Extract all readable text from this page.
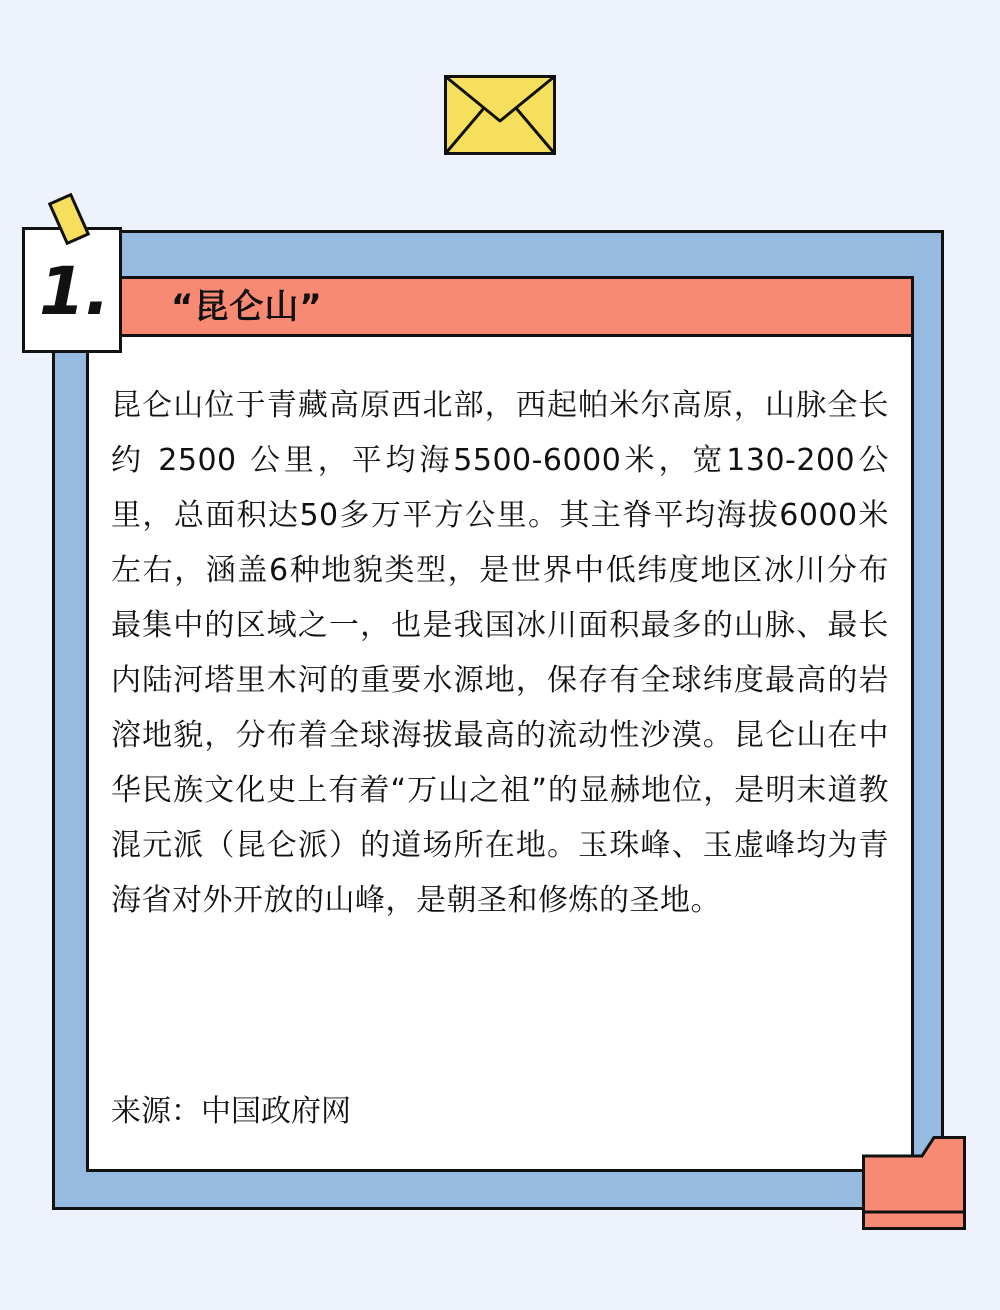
“昆仑山”
昆仑山位于青藏高原西北部，西起帕米尔高原，山脉全长约 2500 公里，平均海5500-6000米，宽130-200公里，总面积达50多万平方公里。其主脊平均海拔6000米左右，涵盖6种地貌类型，是世界中低纬度地区冰川分布最集中的区域之一，也是我国冰川面积最多的山脉、最长内陆河塔里木河的重要水源地，保存有全球纬度最高的岩溶地貌，分布着全球海拔最高的流动性沙漠。昆仑山在中华民族文化史上有着“万山之祖”的显赫地位，是明末道教混元派（昆仑派）的道场所在地。玉珠峰、玉虚峰均为青海省对外开放的山峰，是朝圣和修炼的圣地。
来源：中国政府网
1.
